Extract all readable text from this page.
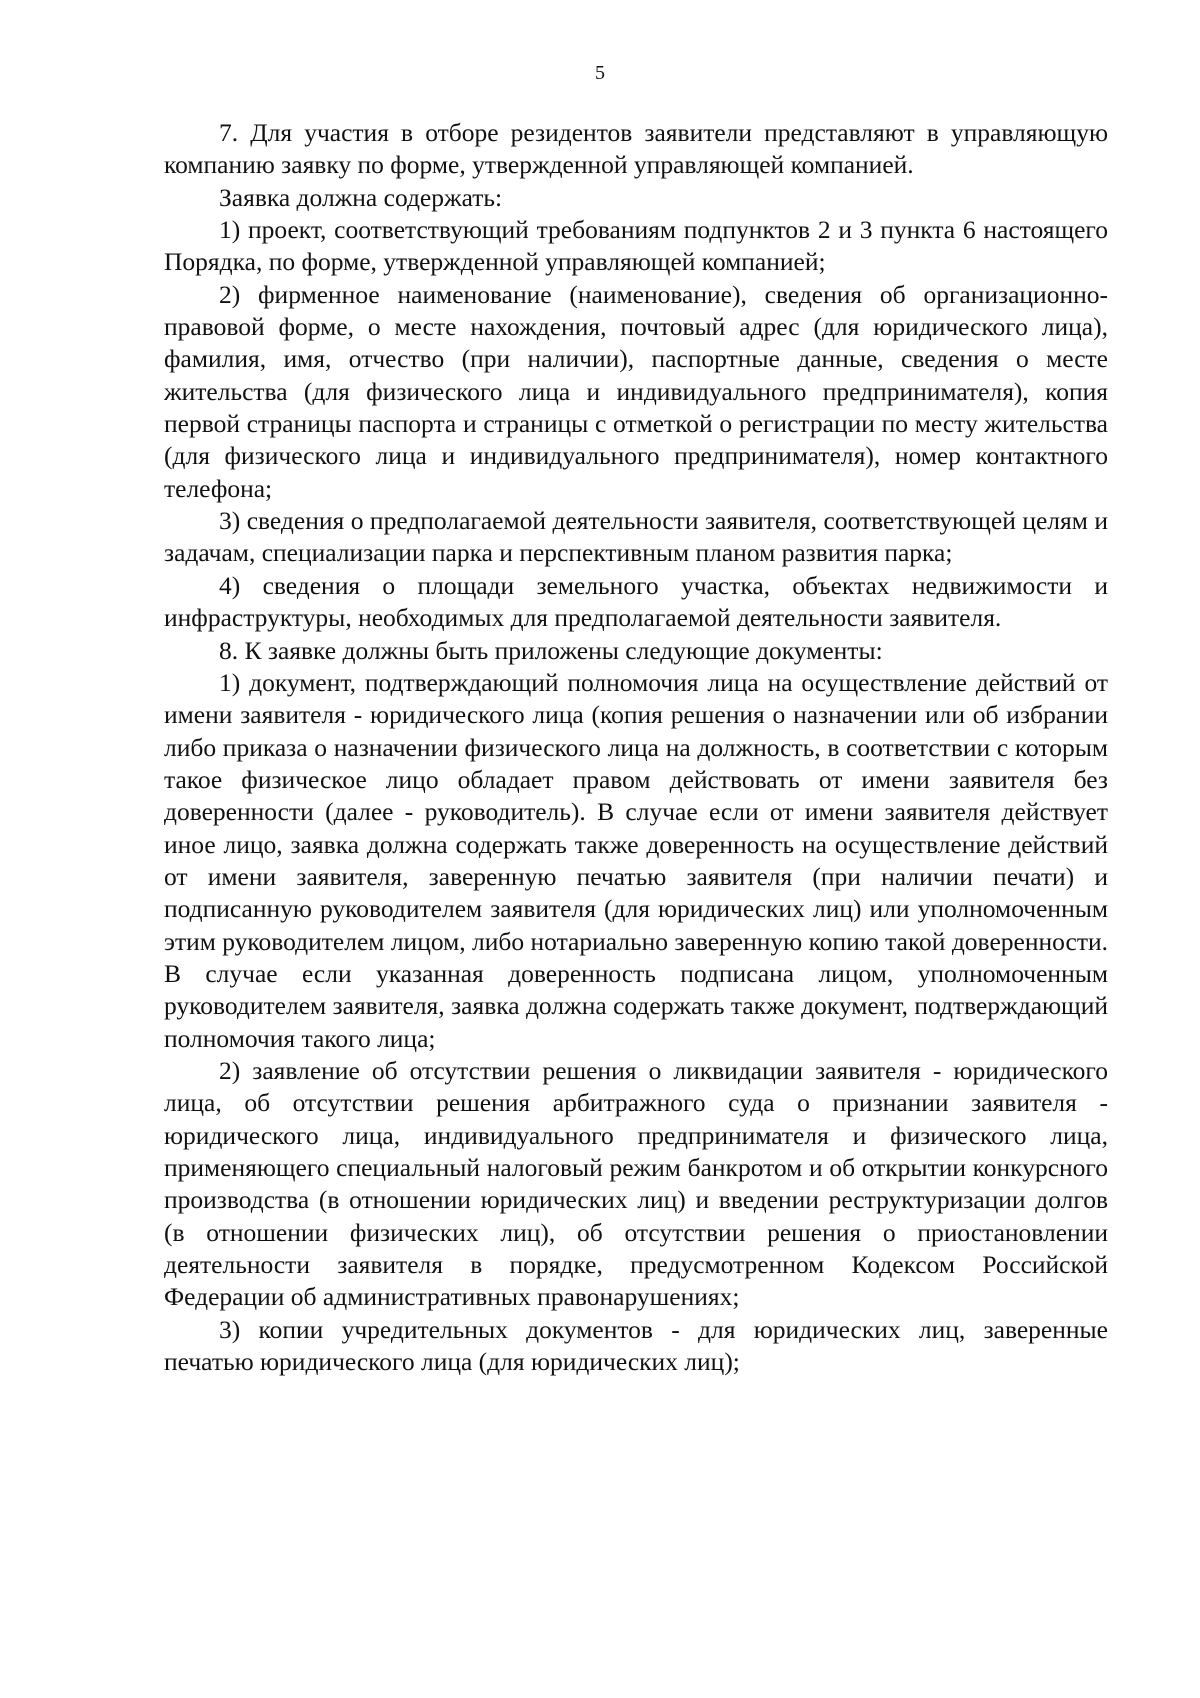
5

7. Для участия в отборе резидентов заявители представляют в управляющую компанию заявку по форме, утвержденной управляющей компанией.

Заявка должна содержать:

1) проект, соответствующий требованиям подпунктов 2 и 3 пункта 6 настоящего Порядка, по форме, утвержденной управляющей компанией;

2) фирменное наименование (наименование), сведения об организационно-правовой форме, о месте нахождения, почтовый адрес (для юридического лица), фамилия, имя, отчество (при наличии), паспортные данные, сведения о месте жительства (для физического лица и индивидуального предпринимателя), копия первой страницы паспорта и страницы с отметкой о регистрации по месту жительства (для физического лица и индивидуального предпринимателя), номер контактного телефона;

3) сведения о предполагаемой деятельности заявителя, соответствующей целям и задачам, специализации парка и перспективным планом развития парка;

4) сведения о площади земельного участка, объектах недвижимости и инфраструктуры, необходимых для предполагаемой деятельности заявителя.

8. К заявке должны быть приложены следующие документы:

1) документ, подтверждающий полномочия лица на осуществление действий от имени заявителя - юридического лица (копия решения о назначении или об избрании либо приказа о назначении физического лица на должность, в соответствии с которым такое физическое лицо обладает правом действовать от имени заявителя без доверенности (далее - руководитель). В случае если от имени заявителя действует иное лицо, заявка должна содержать также доверенность на осуществление действий от имени заявителя, заверенную печатью заявителя (при наличии печати) и подписанную руководителем заявителя (для юридических лиц) или уполномоченным этим руководителем лицом, либо нотариально заверенную копию такой доверенности. В случае если указанная доверенность подписана лицом, уполномоченным руководителем заявителя, заявка должна содержать также документ, подтверждающий полномочия такого лица;

2) заявление об отсутствии решения о ликвидации заявителя - юридического лица, об отсутствии решения арбитражного суда о признании заявителя - юридического лица, индивидуального предпринимателя и физического лица, применяющего специальный налоговый режим банкротом и об открытии конкурсного производства (в отношении юридических лиц) и введении реструктуризации долгов (в отношении физических лиц), об отсутствии решения о приостановлении деятельности заявителя в порядке, предусмотренном Кодексом Российской Федерации об административных правонарушениях;

3) копии учредительных документов - для юридических лиц, заверенные печатью юридического лица (для юридических лиц);
